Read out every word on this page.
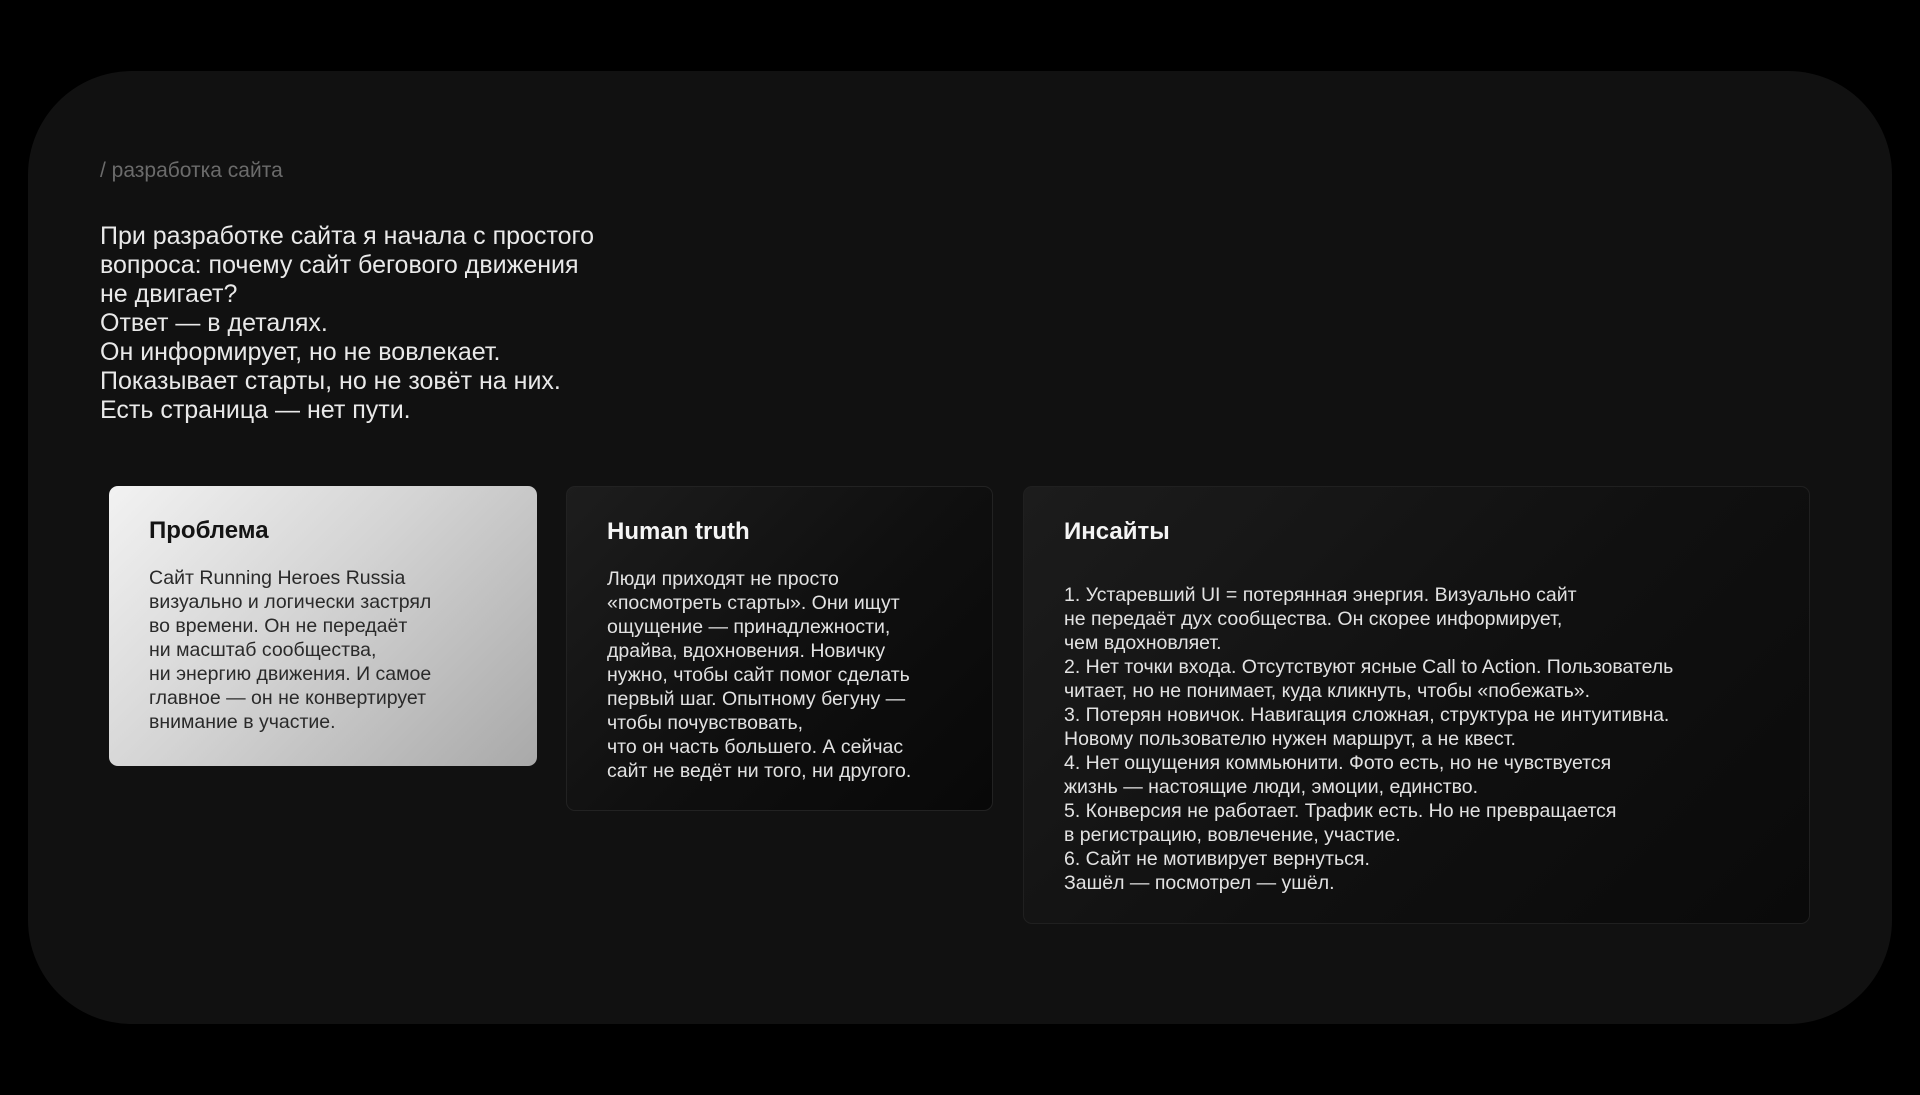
/ разработка сайта
При разработке сайта я начала с простого
вопроса: почему сайт бегового движения
не двигает?
Ответ — в деталях.
Он информирует, но не вовлекает.
Показывает старты, но не зовёт на них.
Есть страница — нет пути.
Проблема
Сайт Running Heroes Russia
визуально и логически застрял
во времени. Он не передаёт
ни масштаб сообщества,
ни энергию движения. И самое
главное — он не конвертирует
внимание в участие.
Human truth
Люди приходят не просто
«посмотреть старты». Они ищут
ощущение — принадлежности,
драйва, вдохновения. Новичку
нужно, чтобы сайт помог сделать
первый шаг. Опытному бегуну —
чтобы почувствовать,
что он часть большего. А сейчас
сайт не ведёт ни того, ни другого.
Инсайты
1. Устаревший UI = потерянная энергия. Визуально сайт
не передаёт дух сообщества. Он скорее информирует,
чем вдохновляет.
2. Нет точки входа. Отсутствуют ясные Call to Action. Пользователь
читает, но не понимает, куда кликнуть, чтобы «побежать».
3. Потерян новичок. Навигация сложная, структура не интуитивна.
Новому пользователю нужен маршрут, а не квест.
4. Нет ощущения коммьюнити. Фото есть, но не чувствуется
жизнь — настоящие люди, эмоции, единство.
5. Конверсия не работает. Трафик есть. Но не превращается
в регистрацию, вовлечение, участие.
6. Сайт не мотивирует вернуться.
Зашёл — посмотрел — ушёл.
